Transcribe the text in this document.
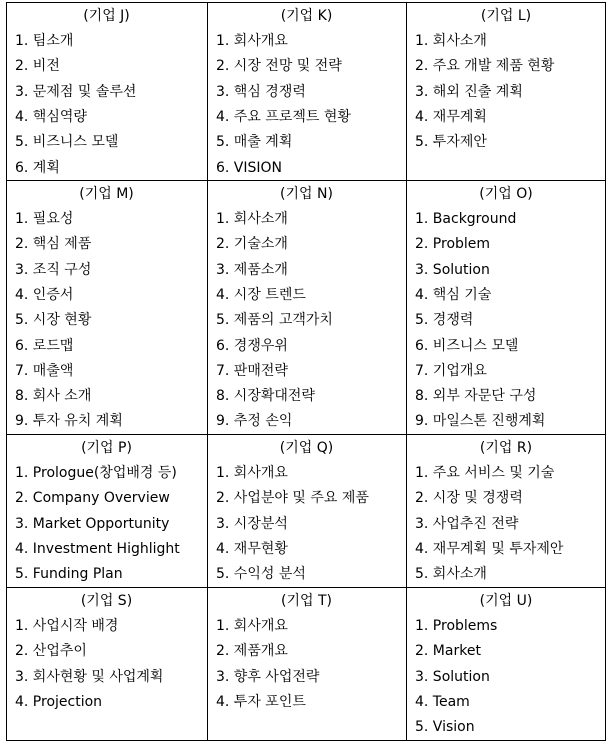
(기업 J)
1. 팀소개
2. 비전
3. 문제점 및 솔루션
4. 핵심역량
5. 비즈니스 모델
6. 계획
(기업 K)
1. 회사개요
2. 시장 전망 및 전략
3. 핵심 경쟁력
4. 주요 프로젝트 현황
5. 매출 계획
6. VISION
(기업 L)
1. 회사소개
2. 주요 개발 제품 현황
3. 해외 진출 계획
4. 재무계획
5. 투자제안
(기업 M)
1. 필요성
2. 핵심 제품
3. 조직 구성
4. 인증서
5. 시장 현황
6. 로드맵
7. 매출액
8. 회사 소개
9. 투자 유치 계획
(기업 N)
1. 회사소개
2. 기술소개
3. 제품소개
4. 시장 트렌드
5. 제품의 고객가치
6. 경쟁우위
7. 판매전략
8. 시장확대전략
9. 추정 손익
(기업 O)
1. Background
2. Problem
3. Solution
4. 핵심 기술
5. 경쟁력
6. 비즈니스 모델
7. 기업개요
8. 외부 자문단 구성
9. 마일스톤 진행계획
(기업 P)
1. Prologue(창업배경 등)
2. Company Overview
3. Market Opportunity
4. Investment Highlight
5. Funding Plan
(기업 Q)
1. 회사개요
2. 사업분야 및 주요 제품
3. 시장분석
4. 재무현황
5. 수익성 분석
(기업 R)
1. 주요 서비스 및 기술
2. 시장 및 경쟁력
3. 사업추진 전략
4. 재무계획 및 투자제안
5. 회사소개
(기업 S)
1. 사업시작 배경
2. 산업추이
3. 회사현황 및 사업계획
4. Projection
(기업 T)
1. 회사개요
2. 제품개요
3. 향후 사업전략
4. 투자 포인트
(기업 U)
1. Problems
2. Market
3. Solution
4. Team
5. Vision
